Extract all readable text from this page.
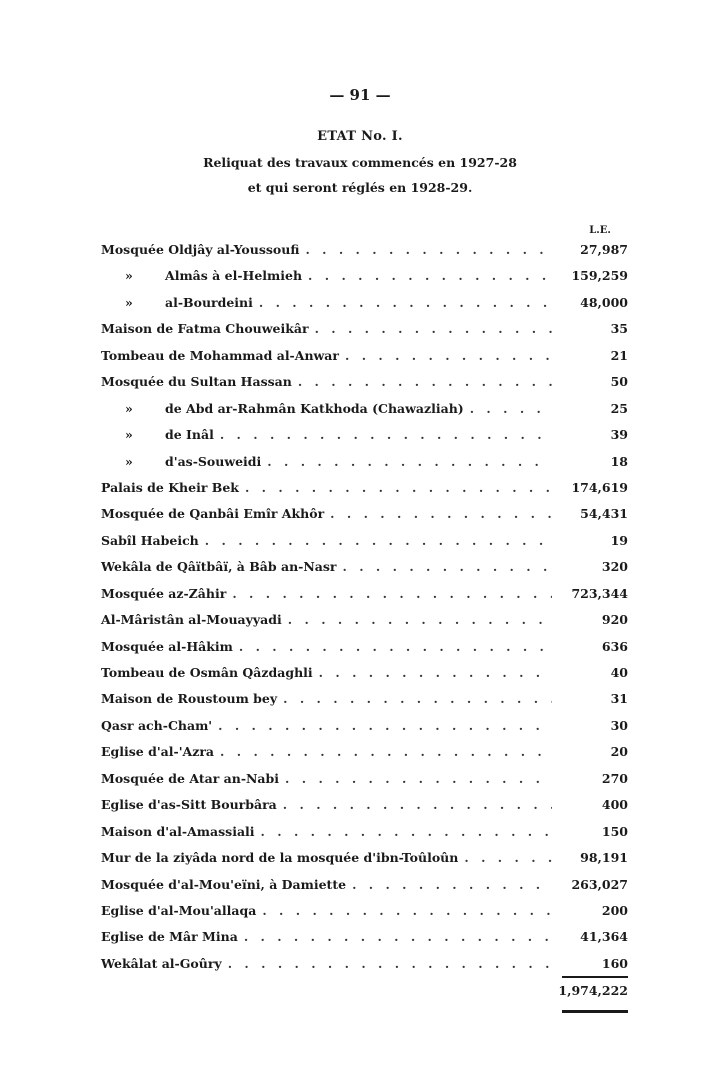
— 91 —
ETAT No. I.
Reliquat des travaux commencés en 1927-28
et qui seront réglés en 1928-29.
L.E.
Mosquée Oldjây al-Youssoufi . . .	27,987
»	Almâs à el-Helmieh . . .	159,259
»	al-Bourdeini . . .	48,000
Maison de Fatma Chouweikâr . . .	35
Tombeau de Mohammad al-Anwar . . .	21
Mosquée du Sultan Hassan . . .	50
»	de Abd ar-Rahmân Katkhoda (Chawazliah) . . .	25
»	de Inâl . . .	39
»	d'as-Souweidi . . .	18
Palais de Kheir Bek . . .	174,619
Mosquée de Qanbâi Emîr Akhôr . . .	54,431
Sabîl Habeich . . .	19
Wekâla de Qâïtbâï, à Bâb an-Nasr . . .	320
Mosquée az-Zâhir . . .	723,344
Al-Mâristân al-Mouayyadi . . .	920
Mosquée al-Hâkim . . .	636
Tombeau de Osmân Qâzdaghli . . .	40
Maison de Roustoum bey . . .	31
Qasr ach-Cham' . . .	30
Eglise d'al-'Azra . . .	20
Mosquée de Atar an-Nabi . . .	270
Eglise d'as-Sitt Bourbâra . . .	400
Maison d'al-Amassiali . . .	150
Mur de la ziyâda nord de la mosquée d'ibn-Toûloûn . . .	98,191
Mosquée d'al-Mou'eïni, à Damiette . . .	263,027
Eglise d'al-Mou'allaqa . . .	200
Eglise de Mâr Mina . . .	41,364
Wekâlat al-Goûry . . .	160
1,974,222
